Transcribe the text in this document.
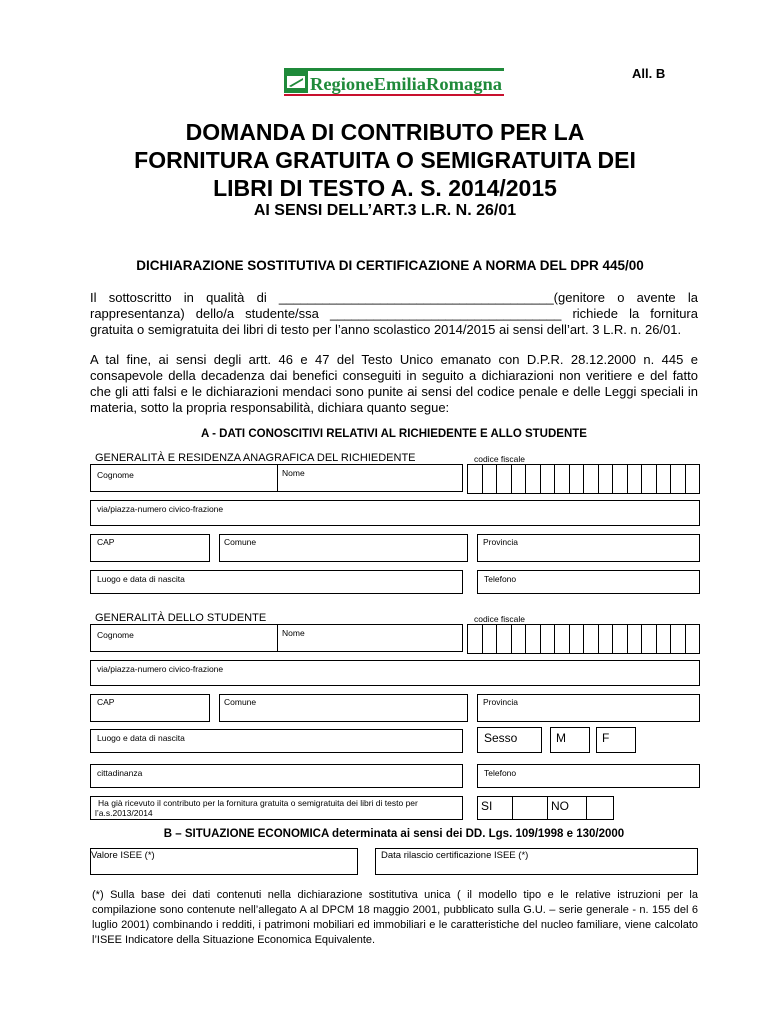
All. B
RegioneEmiliaRomagna
DOMANDA DI CONTRIBUTO PER LA
FORNITURA GRATUITA O SEMIGRATUITA DEI
LIBRI DI TESTO A. S. 2014/2015
AI SENSI DELL’ART.3 L.R. N. 26/01
DICHIARAZIONE SOSTITUTIVA DI CERTIFICAZIONE A NORMA DEL DPR 445/00
Il sottoscritto in qualità di ______________________________________(genitore o avente la rappresentanza) dello/a studente/ssa ________________________________ richiede la fornitura gratuita o semigratuita dei libri di testo per l’anno scolastico 2014/2015 ai sensi dell’art. 3 L.R. n. 26/01.
A tal fine, ai sensi degli artt. 46 e 47 del Testo Unico emanato con D.P.R. 28.12.2000 n. 445 e consapevole della decadenza dai benefici conseguiti in seguito a dichiarazioni non veritiere e del fatto che gli atti falsi e le dichiarazioni mendaci sono punite ai sensi del codice penale e delle Leggi speciali in materia, sotto la propria responsabilità, dichiara quanto segue:
A - DATI CONOSCITIVI RELATIVI AL RICHIEDENTE E ALLO STUDENTE
GENERALITÀ E RESIDENZA ANAGRAFICA DEL RICHIEDENTE	codice fiscale
Cognome	Nome
via/piazza-numero civico-frazione
CAP	Comune	Provincia
Luogo e data di nascita	Telefono
GENERALITÀ DELLO STUDENTE	codice fiscale
Cognome	Nome
via/piazza-numero civico-frazione
CAP	Comune	Provincia
Luogo e data di nascita	Sesso	M	F
cittadinanza	Telefono
Ha già ricevuto il contributo per la fornitura gratuita o semigratuita dei libri di testo per l’a.s.2013/2014	SI	NO
B – SITUAZIONE ECONOMICA determinata ai sensi dei DD. Lgs. 109/1998 e 130/2000
Valore ISEE (*)	Data rilascio certificazione ISEE (*)
(*) Sulla base dei dati contenuti nella dichiarazione sostitutiva unica ( il modello tipo e le relative istruzioni per la compilazione sono contenute nell’allegato A al DPCM 18 maggio 2001, pubblicato sulla G.U. – serie generale - n. 155 del 6 luglio 2001) combinando i redditi, i patrimoni mobiliari ed immobiliari e le caratteristiche del nucleo familiare, viene calcolato l’ISEE Indicatore della Situazione Economica Equivalente.
